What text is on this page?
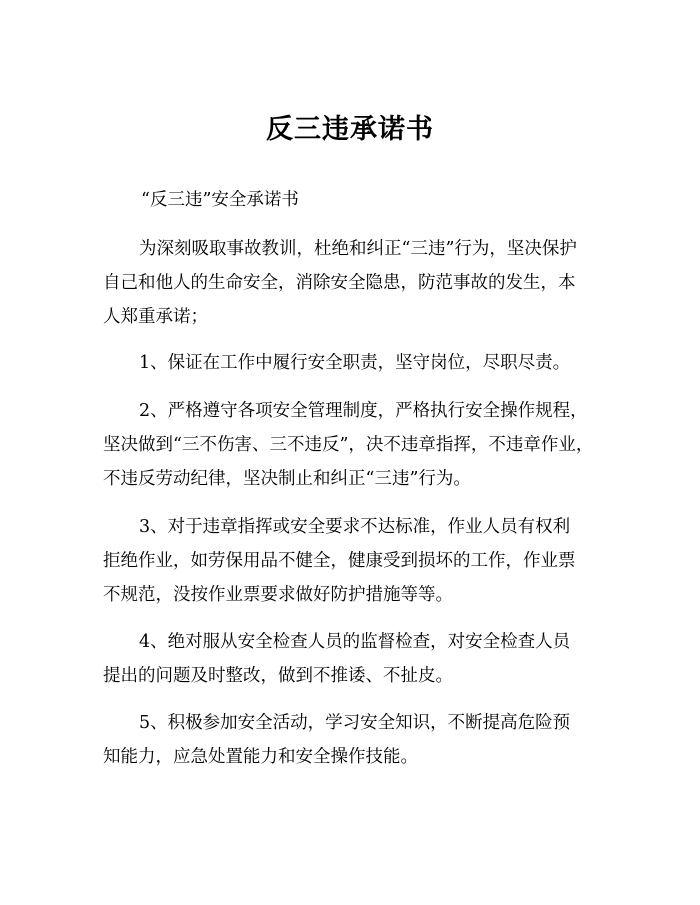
反三违承诺书
“反三违”安全承诺书
为深刻吸取事故教训，杜绝和纠正“三违”行为，坚决保护
自己和他人的生命安全，消除安全隐患，防范事故的发生，本
人郑重承诺；
1、保证在工作中履行安全职责，坚守岗位，尽职尽责。
2、严格遵守各项安全管理制度，严格执行安全操作规程，
坚决做到“三不伤害、三不违反”，决不违章指挥，不违章作业，
不违反劳动纪律，坚决制止和纠正“三违”行为。
3、对于违章指挥或安全要求不达标准，作业人员有权利
拒绝作业，如劳保用品不健全，健康受到损坏的工作，作业票
不规范，没按作业票要求做好防护措施等等。
4、绝对服从安全检查人员的监督检查，对安全检查人员
提出的问题及时整改，做到不推诿、不扯皮。
5、积极参加安全活动，学习安全知识，不断提高危险预
知能力，应急处置能力和安全操作技能。
